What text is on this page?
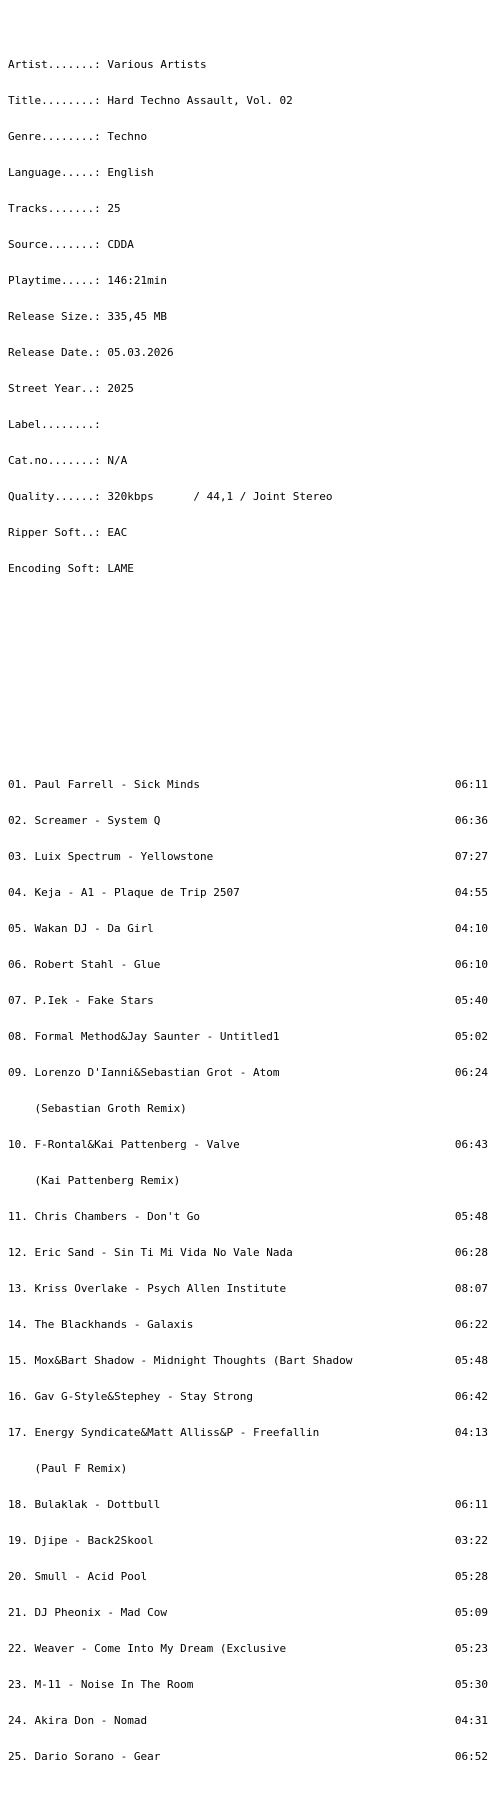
Artist.......: Various Artists

Title........: Hard Techno Assault, Vol. 02

Genre........: Techno

Language.....: English

Tracks.......: 25

Source.......: CDDA

Playtime.....: 146:21min

Release Size.: 335,45 MB

Release Date.: 05.03.2026

Street Year..: 2025

Label........:

Cat.no.......: N/A

Quality......: 320kbps      / 44,1 / Joint Stereo

Ripper Soft..: EAC

Encoding Soft: LAME

01. Paul Farrell - Sick Minds	06:11

02. Screamer - System Q	06:36

03. Luix Spectrum - Yellowstone	07:27

04. Keja - A1 - Plaque de Trip 2507	04:55

05. Wakan DJ - Da Girl	04:10

06. Robert Stahl - Glue	06:10

07. P.Iek - Fake Stars	05:40

08. Formal Method&Jay Saunter - Untitled1	05:02

09. Lorenzo D'Ianni&Sebastian Grot - Atom	06:24

(Sebastian Groth Remix)

10. F-Rontal&Kai Pattenberg - Valve	06:43

(Kai Pattenberg Remix)

11. Chris Chambers - Don't Go	05:48

12. Eric Sand - Sin Ti Mi Vida No Vale Nada	06:28

13. Kriss Overlake - Psych Allen Institute	08:07

14. The Blackhands - Galaxis	06:22

15. Mox&Bart Shadow - Midnight Thoughts (Bart Shadow	05:48

16. Gav G-Style&Stephey - Stay Strong	06:42

17. Energy Syndicate&Matt Alliss&P - Freefallin	04:13

(Paul F Remix)

18. Bulaklak - Dottbull	06:11

19. Djipe - Back2Skool	03:22

20. Smull - Acid Pool	05:28

21. DJ Pheonix - Mad Cow	05:09

22. Weaver - Come Into My Dream (Exclusive	05:23

23. M-11 - Noise In The Room	05:30

24. Akira Don - Nomad	04:31

25. Dario Sorano - Gear	06:52
